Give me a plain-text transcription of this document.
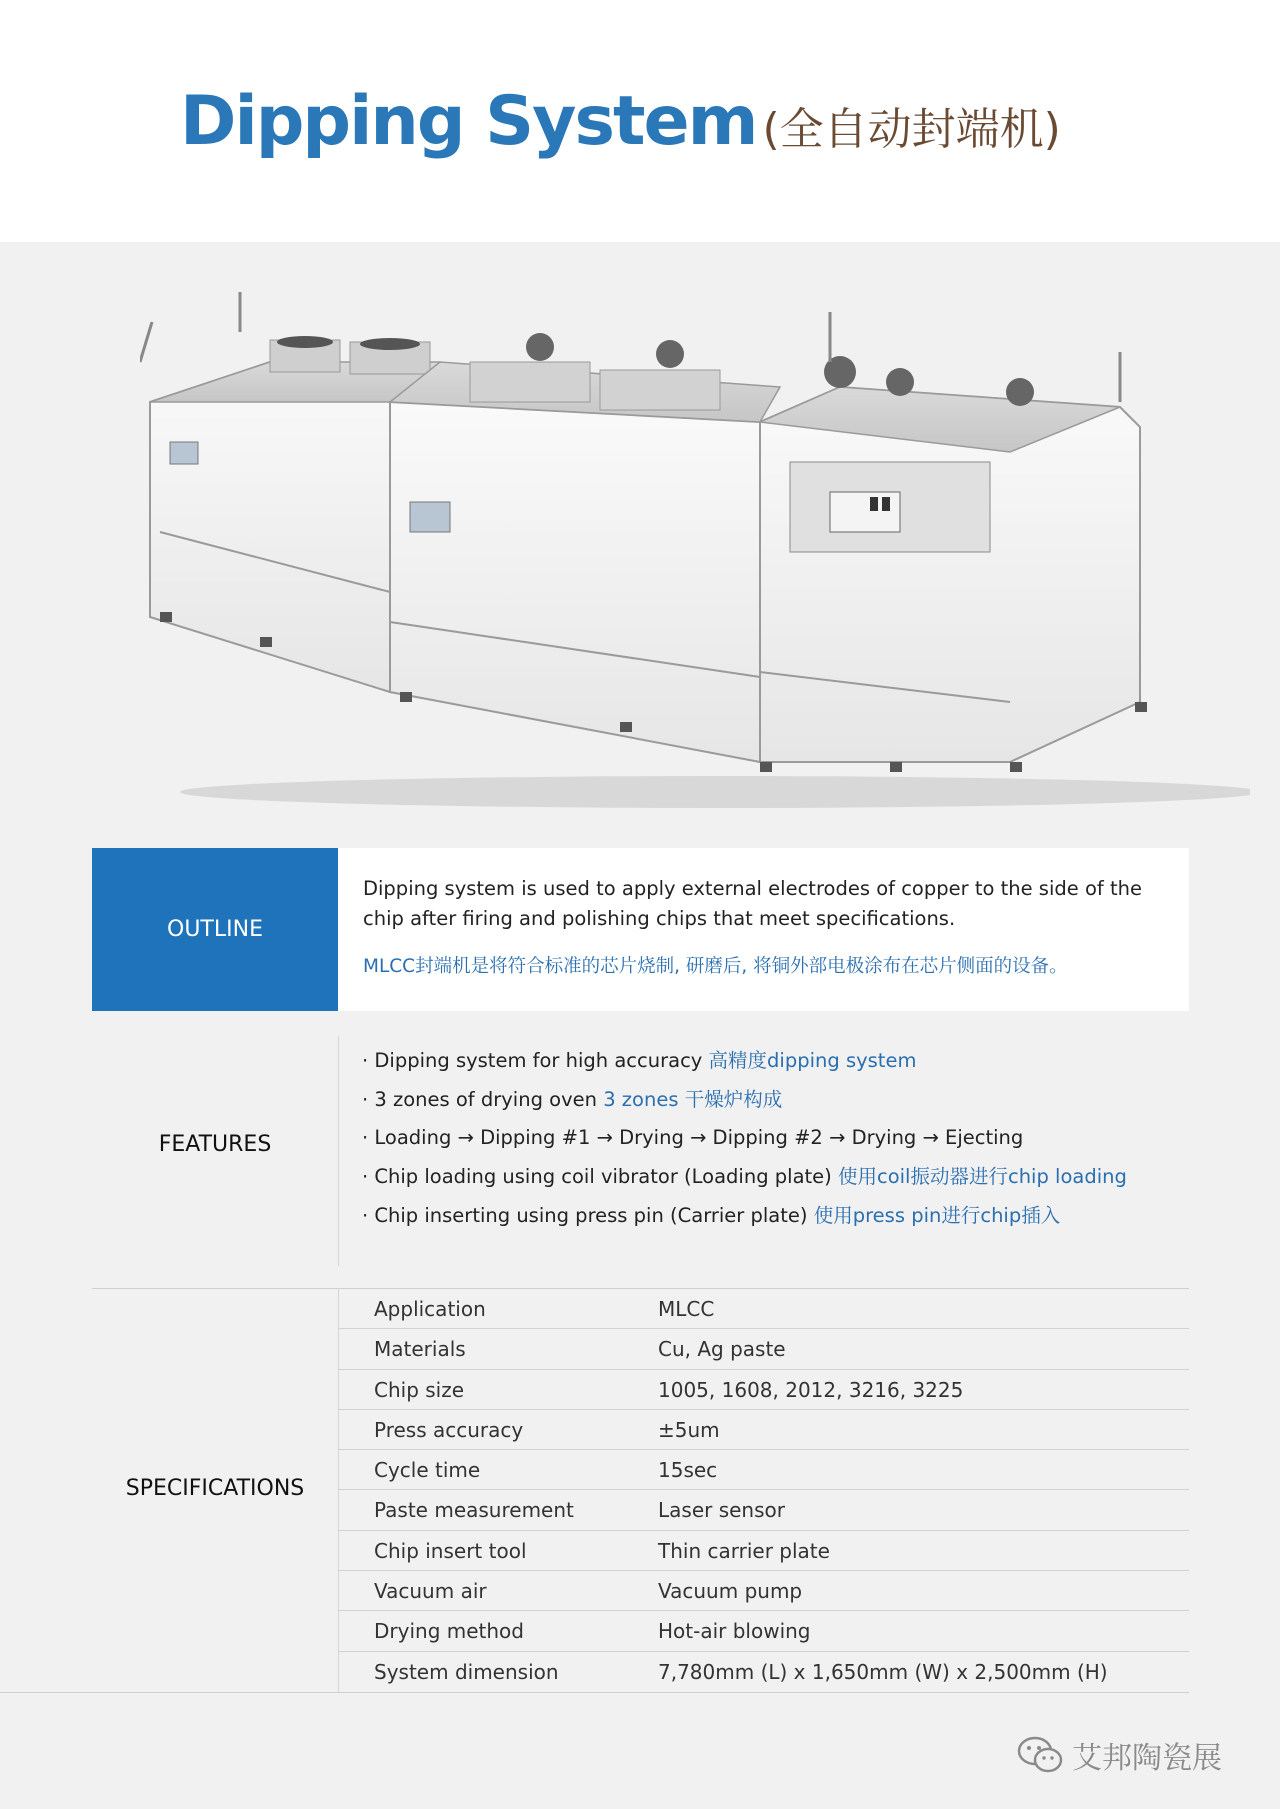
Dipping System (全自动封端机)
OUTLINE
Dipping system is used to apply external electrodes of copper to the side of the chip after firing and polishing chips that meet specifications.
MLCC封端机是将符合标准的芯片烧制, 研磨后, 将铜外部电极涂布在芯片侧面的设备。
FEATURES
· Dipping system for high accuracy 高精度dipping system
· 3 zones of drying oven 3 zones 干燥炉构成
· Loading → Dipping #1 → Drying → Dipping #2 → Drying → Ejecting
· Chip loading using coil vibrator (Loading plate) 使用coil振动器进行chip loading
· Chip inserting using press pin (Carrier plate) 使用press pin进行chip插入
SPECIFICATIONS
Application	MLCC
Materials	Cu, Ag paste
Chip size	1005, 1608, 2012, 3216, 3225
Press accuracy	±5um
Cycle time	15sec
Paste measurement	Laser sensor
Chip insert tool	Thin carrier plate
Vacuum air	Vacuum pump
Drying method	Hot-air blowing
System dimension	7,780mm (L) x 1,650mm (W) x 2,500mm (H)
艾邦陶瓷展
